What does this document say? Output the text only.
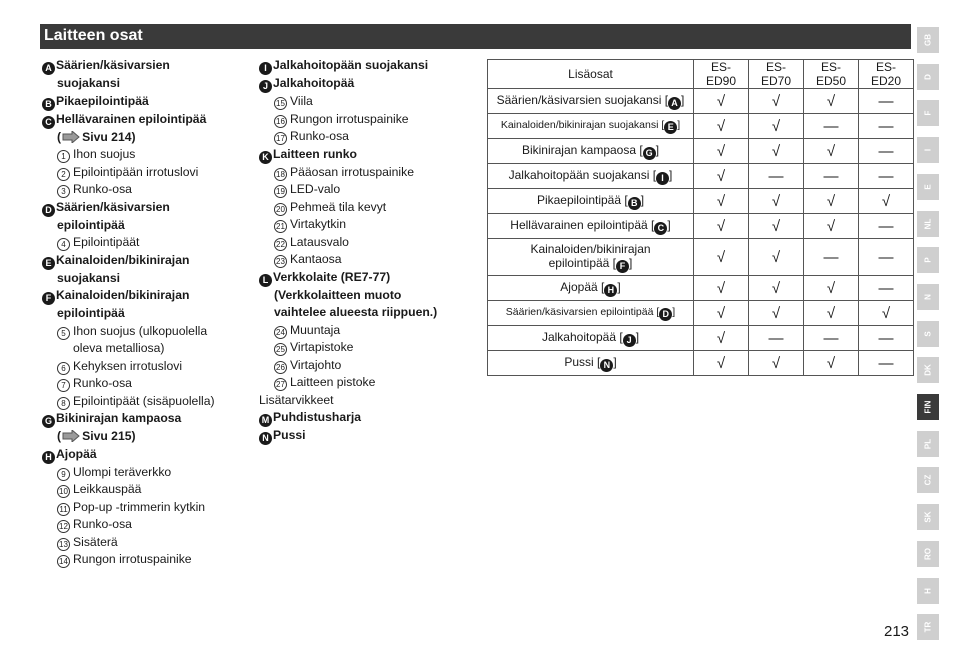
Laitteen osat
A Säärien/käsivarsien
suojakansi
B Pikaepilointipää
C Hellävarainen epilointipää
( Sivu 214)
1 Ihon suojus
2 Epilointipään irrotuslovi
3 Runko-osa
D Säärien/käsivarsien
epilointipää
4 Epilointipäät
E Kainaloiden/bikinirajan
suojakansi
F Kainaloiden/bikinirajan
epilointipää
5 Ihon suojus (ulkopuolella
oleva metalliosa)
6 Kehyksen irrotuslovi
7 Runko-osa
8 Epilointipäät (sisäpuolella)
G Bikinirajan kampaosa
( Sivu 215)
H Ajopää
9 Ulompi teräverkko
10 Leikkauspää
11 Pop-up -trimmerin kytkin
12 Runko-osa
13 Sisäterä
14 Rungon irrotuspainike
I Jalkahoitopään suojakansi
J Jalkahoitopää
15 Viila
16 Rungon irrotuspainike
17 Runko-osa
K Laitteen runko
18 Pääosan irrotuspainike
19 LED-valo
20 Pehmeä tila kevyt
21 Virtakytkin
22 Latausvalo
23 Kantaosa
L Verkkolaite (RE7-77)
(Verkkolaitteen muoto
vaihtelee alueesta riippuen.)
24 Muuntaja
25 Virtapistoke
26 Virtajohto
27 Laitteen pistoke
Lisätarvikkeet
M Puhdistusharja
N Pussi
Lisäosat	ES-ED90	ES-ED70	ES-ED50	ES-ED20
Säärien/käsivarsien suojakansi [ A ]	√	√	√	—
Kainaloiden/bikinirajan suojakansi [ E ]	√	√	—	—
Bikinirajan kampaosa [ G ]	√	√	√	—
Jalkahoitopään suojakansi [ I ]	√	—	—	—
Pikaepilointipää [ B ]	√	√	√	√
Hellävarainen epilointipää [ C ]	√	√	√	—
Kainaloiden/bikinirajan
epilointipää [ F ]	√	√	—	—
Ajopää [ H ]	√	√	√	—
Säärien/käsivarsien epilointipää [ D ]	√	√	√	√
Jalkahoitopää [ J ]	√	—	—	—
Pussi [ N ]	√	√	√	—
GB
D
F
I
E
NL
P
N
S
DK
FIN
PL
CZ
SK
RO
H
TR
213
